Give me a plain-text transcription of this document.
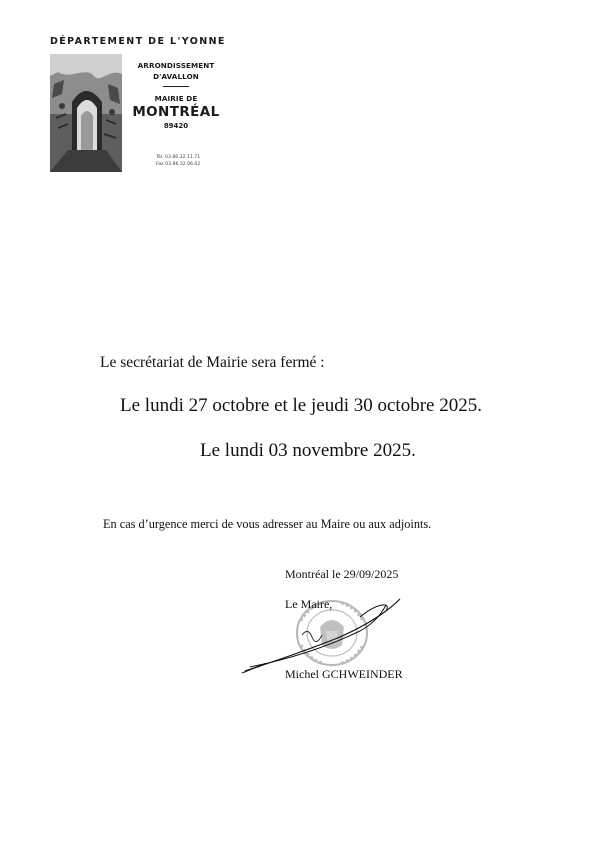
DÉPARTEMENT DE L'YONNE
ARRONDISSEMENT
D'AVALLON
MAIRIE DE
MONTRÉAL
89420
Tél. 03.86.32.11.71
Fax 03.86.32.06.02
Le secrétariat de Mairie sera fermé :
Le lundi 27 octobre et le jeudi 30 octobre 2025.
Le lundi 03 novembre 2025.
En cas d’urgence merci de vous adresser au Maire ou aux adjoints.
Montréal le 29/09/2025
Le Maire,
Michel GCHWEINDER
